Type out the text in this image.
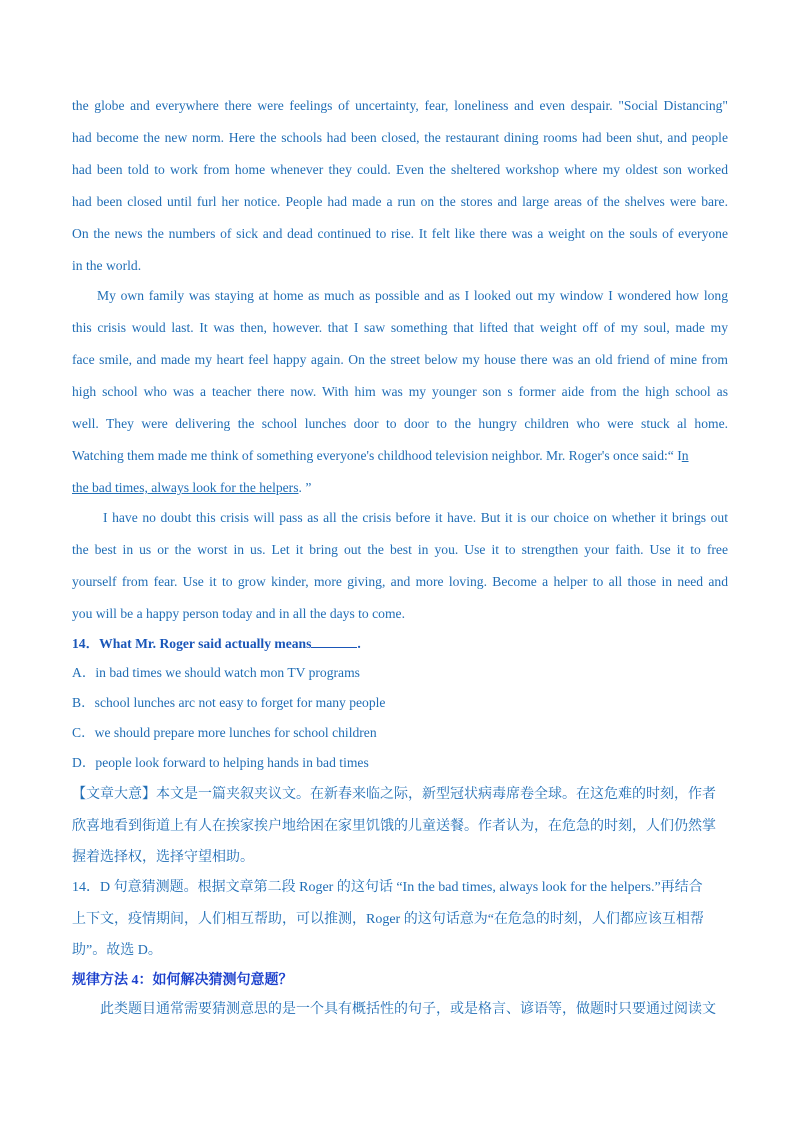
the globe and everywhere there were feelings of uncertainty, fear, loneliness and even despair. "Social Distancing"
had become the new norm. Here the schools had been closed, the restaurant dining rooms had been shut, and people
had been told to work from home whenever they could. Even the sheltered workshop where my oldest son worked
had been closed until furl her notice. People had made a run on the stores and large areas of the shelves were bare.
On the news the numbers of sick and dead continued to rise. It felt like there was a weight on the souls of everyone
in the world.
My own family was staying at home as much as possible and as I looked out my window I wondered how long
this crisis would last. It was then, however. that I saw something that lifted that weight off of my soul, made my
face smile, and made my heart feel happy again. On the street below my house there was an old friend of mine from
high school who was a teacher there now. With him was my younger son s former aide from the high school as
well. They were delivering the school lunches door to door to the hungry children who were stuck al home.
Watching them made me think of something everyone's childhood television neighbor. Mr. Roger's once said:“ In
the bad times, always look for the helpers. ”
I have no doubt this crisis will pass as all the crisis before it have. But it is our choice on whether it brings out
the best in us or the worst in us. Let it bring out the best in you. Use it to strengthen your faith. Use it to free
yourself from fear. Use it to grow kinder, more giving, and more loving. Become a helper to all those in need and
you will be a happy person today and in all the days to come.
14．What Mr. Roger said actually means	.
A．in bad times we should watch mon TV programs
B．school lunches arc not easy to forget for many people
C．we should prepare more lunches for school children
D．people look forward to helping hands in bad times
【文章大意】本文是一篇夹叙夹议文。在新春来临之际，新型冠状病毒席卷全球。在这危难的时刻，作者
欣喜地看到街道上有人在挨家挨户地给困在家里饥饿的儿童送餐。作者认为，在危急的时刻，人们仍然掌
握着选择权，选择守望相助。
14．D 句意猜测题。根据文章第二段 Roger 的这句话 “In the bad times, always look for the helpers.”再结合
上下文，疫情期间，人们相互帮助，可以推测，Roger 的这句话意为“在危急的时刻，人们都应该互相帮
助”。故选 D。
规律方法 4：如何解决猜测句意题？
此类题目通常需要猜测意思的是一个具有概括性的句子，或是格言、谚语等，做题时只要通过阅读文
